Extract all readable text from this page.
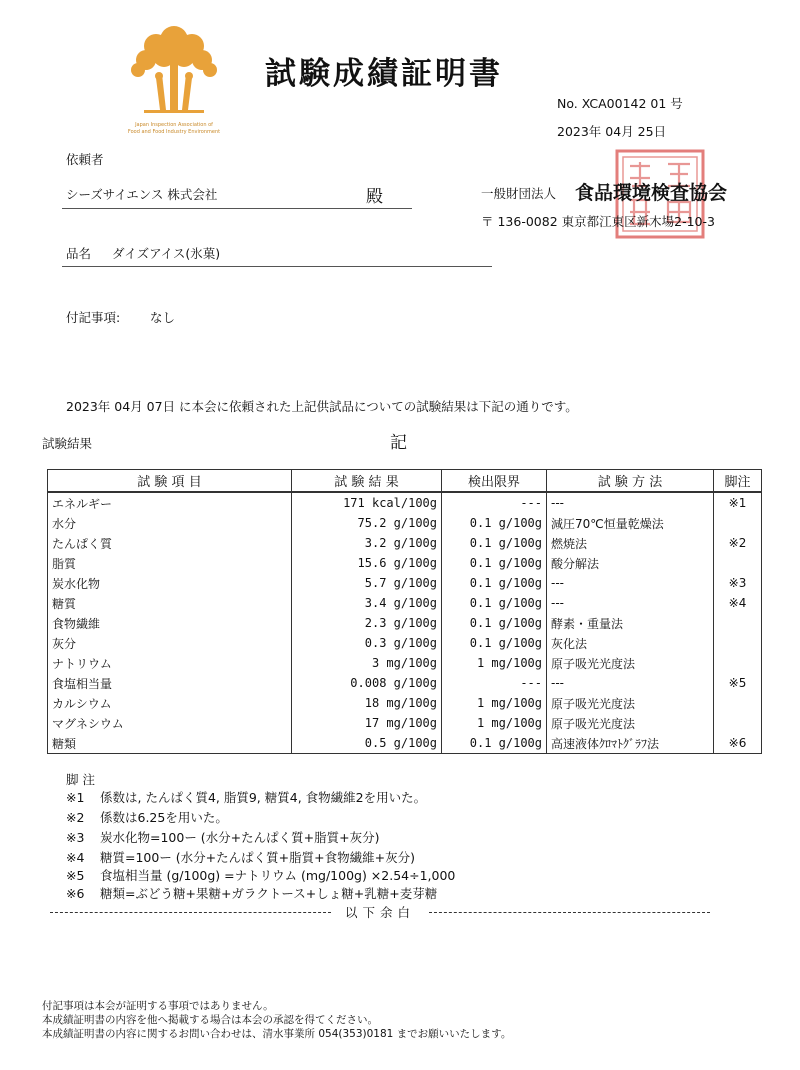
Japan Inspection Association of
Food and Food Industry Environment
試験成績証明書
No. XCA00142 01 号
2023年 04月 25日
依頼者
シーズサイエンス 株式会社	殿	一般財団法人 食品環境検査協会
〒 136-0082 東京都江東区新木場2-10-3
品名 ダイズアイス(氷菓)
付記事項: なし
2023年 04月 07日 に本会に依頼された上記供試品についての試験結果は下記の通りです。
試験結果	記
試 験 項 目	試 験 結 果	検出限界	試 験 方 法	脚注
エネルギー	171 kcal/100g	---	---	※1
水分	75.2 g/100g	0.1 g/100g	減圧70℃恒量乾燥法	
たんぱく質	3.2 g/100g	0.1 g/100g	燃焼法	※2
脂質	15.6 g/100g	0.1 g/100g	酸分解法	
炭水化物	5.7 g/100g	0.1 g/100g	---	※3
糖質	3.4 g/100g	0.1 g/100g	---	※4
食物繊維	2.3 g/100g	0.1 g/100g	酵素・重量法	
灰分	0.3 g/100g	0.1 g/100g	灰化法	
ナトリウム	3 mg/100g	1 mg/100g	原子吸光光度法	
食塩相当量	0.008 g/100g	---	---	※5
カルシウム	18 mg/100g	1 mg/100g	原子吸光光度法	
マグネシウム	17 mg/100g	1 mg/100g	原子吸光光度法	
糖類	0.5 g/100g	0.1 g/100g	高速液体ｸﾛﾏﾄｸﾞﾗﾌ法	※6
脚 注
※1 係数は, たんぱく質4, 脂質9, 糖質4, 食物繊維2を用いた。
※2 係数は6.25を用いた。
※3 炭水化物=100ー (水分+たんぱく質+脂質+灰分)
※4 糖質=100ー (水分+たんぱく質+脂質+食物繊維+灰分)
※5 食塩相当量 (g/100g) =ナトリウム (mg/100g) ×2.54÷1,000
※6 糖類=ぶどう糖+果糖+ガラクトース+しょ糖+乳糖+麦芽糖
以下余白
付記事項は本会が証明する事項ではありません。
本成績証明書の内容を他へ掲載する場合は本会の承認を得てください。
本成績証明書の内容に関するお問い合わせは、清水事業所 054(353)0181 までお願いいたします。
